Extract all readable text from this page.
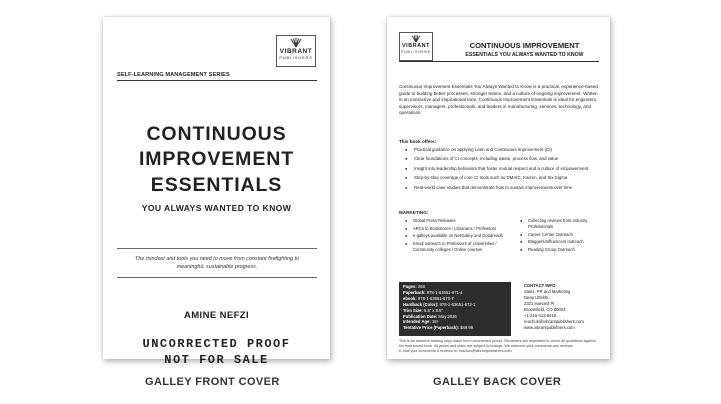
VIBRANT
PUBLISHERS
SELF-LEARNING MANAGEMENT SERIES
CONTINUOUS
IMPROVEMENT
ESSENTIALS
YOU ALWAYS WANTED TO KNOW
The mindset and tools you need to move from constant firefighting to
meaningful, sustainable progress.
AMINE NEFZI
UNCORRECTED PROOF
NOT FOR SALE
VIBRANT
PUBLISHERS
CONTINUOUS IMPROVEMENT
ESSENTIALS YOU ALWAYS WANTED TO KNOW
Continuous Improvement Essentials You Always Wanted to Know is a practical, experience-based guide to building better processes, stronger teams, and a culture of ongoing improvement. Written in an interactive and inspirational tone, Continuous Improvement Essentials is ideal for engineers, supervisors, managers, professionals, and leaders in manufacturing, services, technology, and operations.
This book offers:
● Practical guidance on applying Lean and Continuous Improvement (CI)
● Clear foundations of CI concepts, including waste, process flow, and value
● Insight into leadership behaviors that foster mutual respect and a culture of empowerment
● Step-by-step coverage of core CI tools such as DMAIC, Kaizen, and Six Sigma
● Real-world case studies that demonstrate how to sustain improvements over time
MARKETING:
● Global Press Releases
● ARCs to Bookstores / Librarians / Professors
● e-galleys available on NetGalley and Goodreads
● Email outreach to Professors of Universities / Community colleges / Online courses
● Collecting reviews from Industry Professionals
● Career Center Outreach
● Bloggers/Influencers outreach
● Reading Group Outreach
Pages: 268
Paperback: 978-1-63651-671-4
ebook: 978-1-63651-670-7
Hardback (Color): 978-1-63651-672-1
Trim Size: 5.5" x 8.5"
Publication Date: May 2026
Intended Age: 18+
Tentative Price (Paperback): $49.99
CONTACT INFO:
Sales, PR and Marketing
Deep Uttekhi
3321 Harvard Pl
Broomfield, CO 80023
+1-315-413-8418
reachus@vibrantpublishers.com
www.vibrantpublishers.com
This is an advance reading copy made from uncorrected proofs. Reviewers are requested to check all quotations against the final bound book. All prices and plans are subject to change. We welcome your comments and reviews.
E-mail your comments & reviews to: reachus@vibrantpublishers.com
GALLEY FRONT COVER	GALLEY BACK COVER
